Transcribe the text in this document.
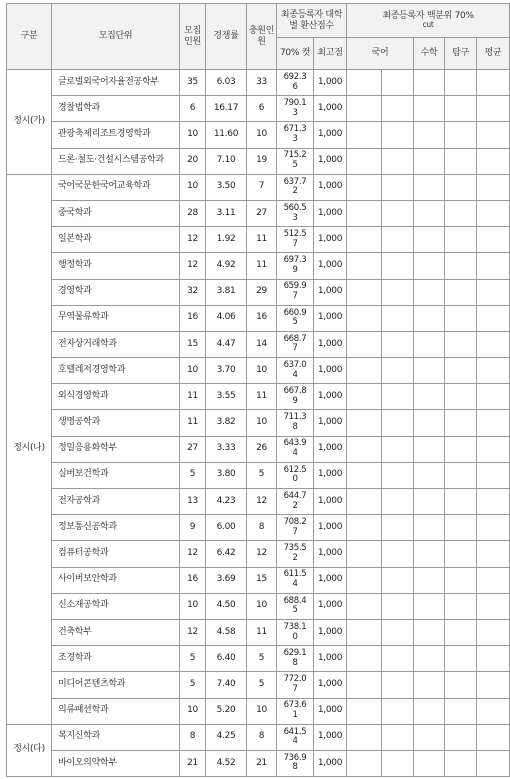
구분	모집단위	모집인원	경쟁률	충원인원	최종등록자 대학별 환산점수		최종등록자 백분위 70%
cut				

					70% 컷	최고점	국어		수학	탐구	평균
정시(가)	글로벌외국어자율전공학부	35	6.03	33	692.36	1,000					
	경찰법학과	6	16.17	6	790.13	1,000					
	관광축제리조트경영학과	10	11.60	10	671.33	1,000					
	드론·철도·건설시스템공학과	20	7.10	19	715.25	1,000					
정시(나)	국어국문한국어교육학과	10	3.50	7	637.72	1,000					
	중국학과	28	3.11	27	560.53	1,000					
	일본학과	12	1.92	11	512.57	1,000					
	행정학과	12	4.92	11	697.39	1,000					
	경영학과	32	3.81	29	659.97	1,000					
	무역물류학과	16	4.06	16	660.95	1,000					
	전자상거래학과	15	4.47	14	668.77	1,000					
	호텔레저경영학과	10	3.70	10	637.04	1,000					
	외식경영학과	11	3.55	11	667.89	1,000					
	생명공학과	11	3.82	10	711.38	1,000					
	정밀응용화학부	27	3.33	26	643.94	1,000					
	실버보건학과	5	3.80	5	612.50	1,000					
	전자공학과	13	4.23	12	644.72	1,000					
	정보통신공학과	9	6.00	8	708.27	1,000					
	컴퓨터공학과	12	6.42	12	735.52	1,000					
	사이버보안학과	16	3.69	15	611.54	1,000					
	신소재공학과	10	4.50	10	688.45	1,000					
	건축학부	12	4.58	11	738.10	1,000					
	조경학과	5	6.40	5	629.18	1,000					
	미디어콘텐츠학과	5	7.40	5	772.07	1,000					
	의류패션학과	10	5.20	10	673.61	1,000					
정시(다)	복지신학과	8	4.25	8	641.54	1,000					
	바이오의약학부	21	4.52	21	736.98	1,000					
